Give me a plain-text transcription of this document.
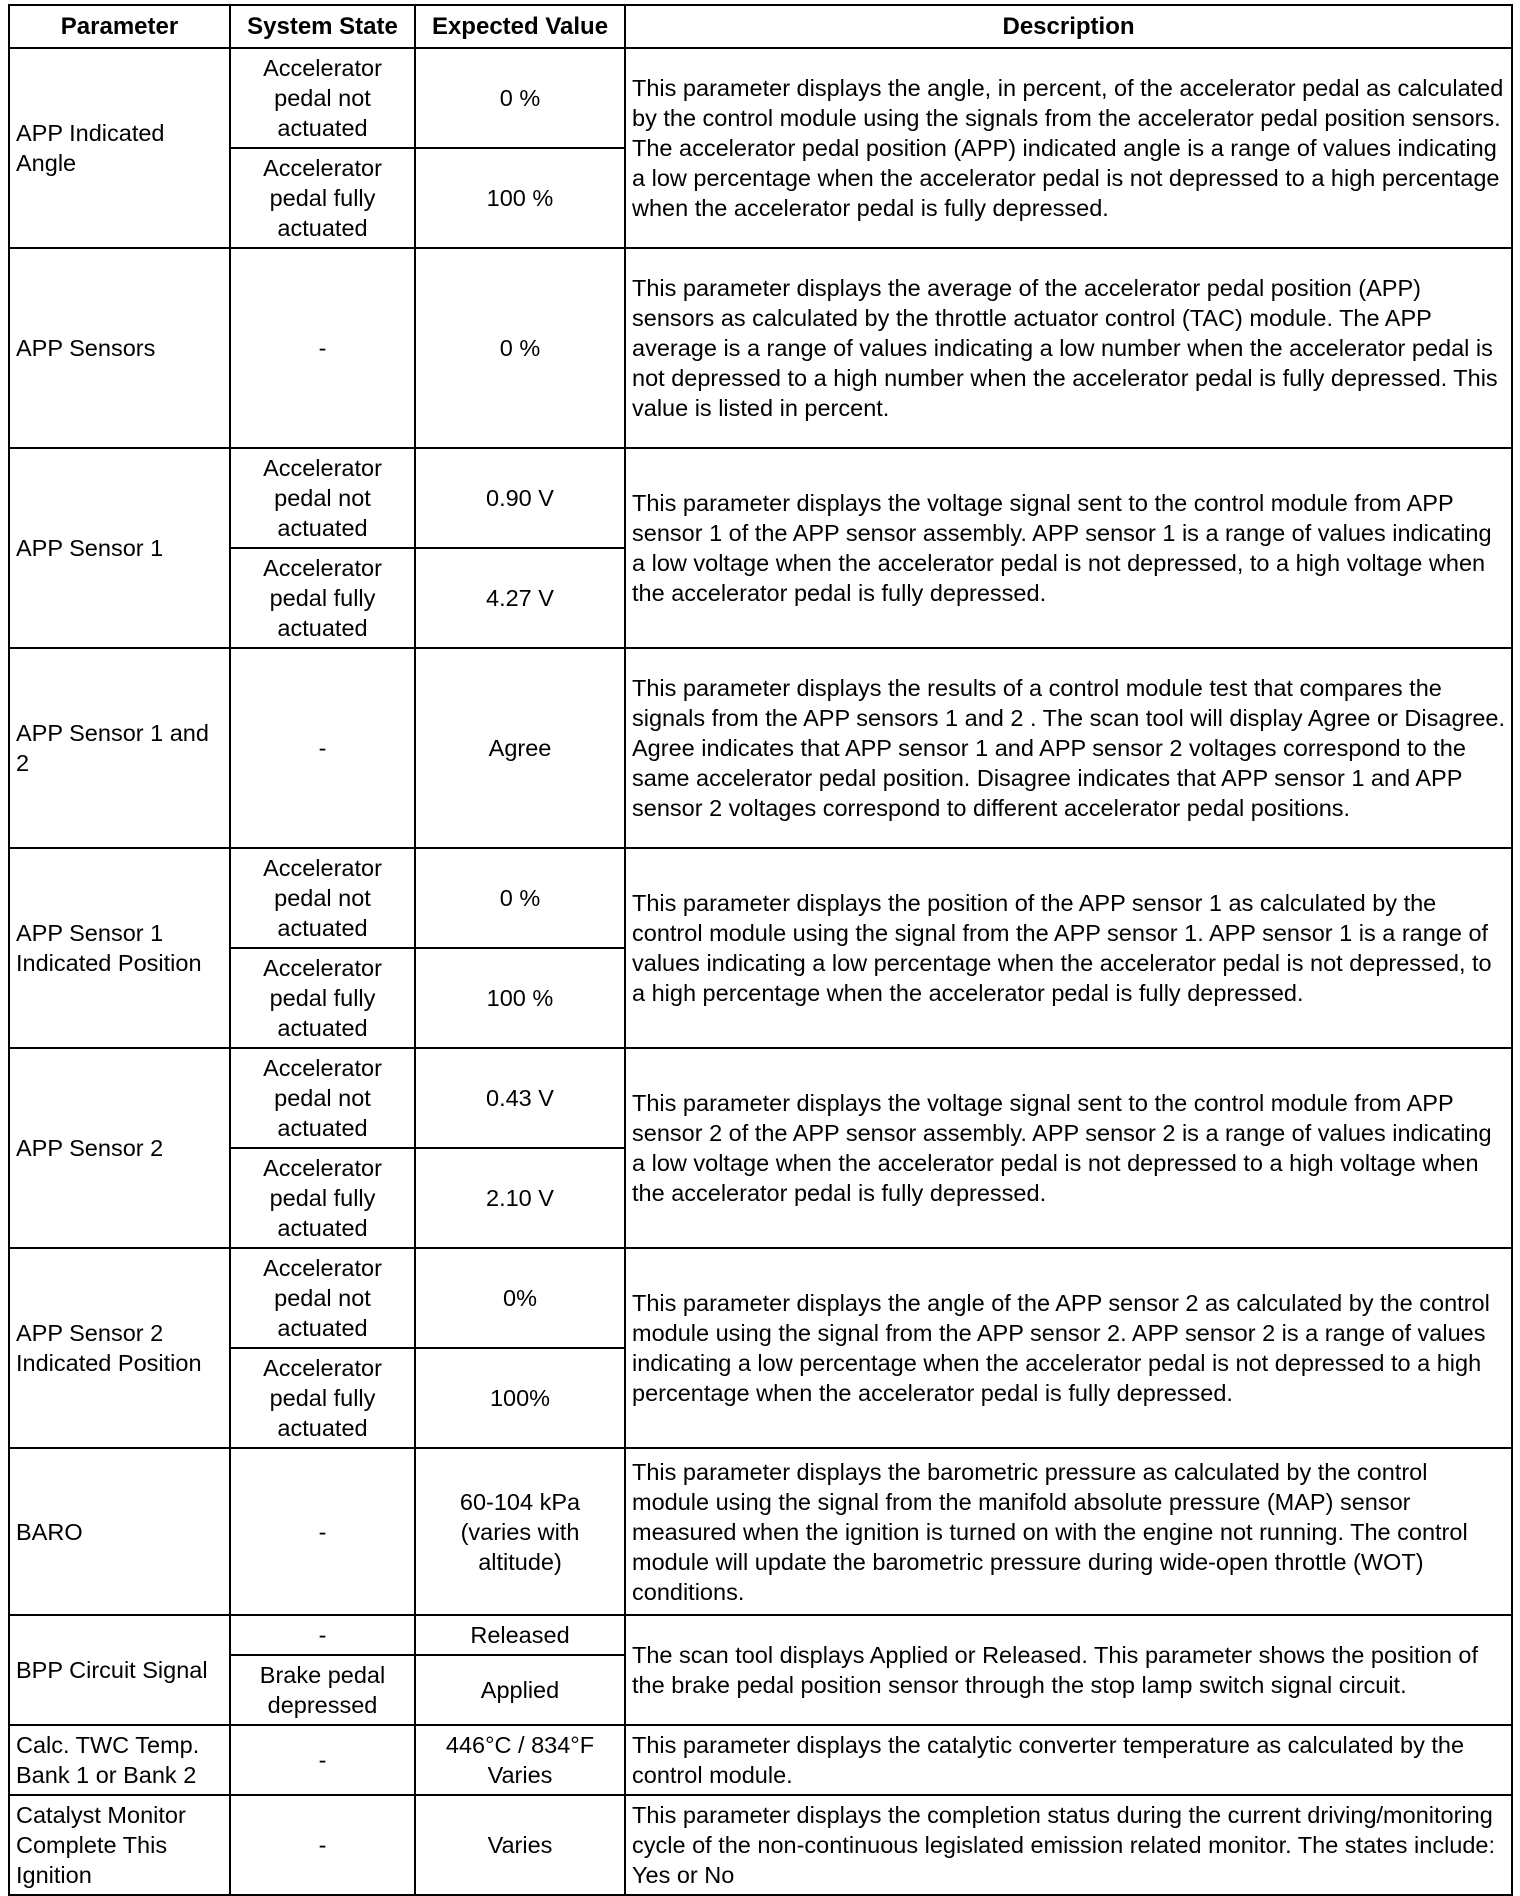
Parameter	System State	Expected Value	Description
APP Indicated Angle	Accelerator pedal not actuated	0 %	This parameter displays the angle, in percent, of the accelerator pedal as calculated by the control module using the signals from the accelerator pedal position sensors. The accelerator pedal position (APP) indicated angle is a range of values indicating a low percentage when the accelerator pedal is not depressed to a high percentage when the accelerator pedal is fully depressed.
	Accelerator pedal fully actuated	100 %	
APP Sensors	-	0 %	This parameter displays the average of the accelerator pedal position (APP) sensors as calculated by the throttle actuator control (TAC) module. The APP average is a range of values indicating a low number when the accelerator pedal is not depressed to a high number when the accelerator pedal is fully depressed. This value is listed in percent.
APP Sensor 1	Accelerator pedal not actuated	0.90 V	This parameter displays the voltage signal sent to the control module from APP sensor 1 of the APP sensor assembly. APP sensor 1 is a range of values indicating a low voltage when the accelerator pedal is not depressed, to a high voltage when the accelerator pedal is fully depressed.
	Accelerator pedal fully actuated	4.27 V	
APP Sensor 1 and 2	-	Agree	This parameter displays the results of a control module test that compares the signals from the APP sensors 1 and 2 . The scan tool will display Agree or Disagree. Agree indicates that APP sensor 1 and APP sensor 2 voltages correspond to the same accelerator pedal position. Disagree indicates that APP sensor 1 and APP sensor 2 voltages correspond to different accelerator pedal positions.
APP Sensor 1 Indicated Position	Accelerator pedal not actuated	0 %	This parameter displays the position of the APP sensor 1 as calculated by the control module using the signal from the APP sensor 1. APP sensor 1 is a range of values indicating a low percentage when the accelerator pedal is not depressed, to a high percentage when the accelerator pedal is fully depressed.
	Accelerator pedal fully actuated	100 %	
APP Sensor 2	Accelerator pedal not actuated	0.43 V	This parameter displays the voltage signal sent to the control module from APP sensor 2 of the APP sensor assembly. APP sensor 2 is a range of values indicating a low voltage when the accelerator pedal is not depressed to a high voltage when the accelerator pedal is fully depressed.
	Accelerator pedal fully actuated	2.10 V	
APP Sensor 2 Indicated Position	Accelerator pedal not actuated	0%	This parameter displays the angle of the APP sensor 2 as calculated by the control module using the signal from the APP sensor 2. APP sensor 2 is a range of values indicating a low percentage when the accelerator pedal is not depressed to a high percentage when the accelerator pedal is fully depressed.
	Accelerator pedal fully actuated	100%	
BARO	-	60-104 kPa (varies with altitude)	This parameter displays the barometric pressure as calculated by the control module using the signal from the manifold absolute pressure (MAP) sensor measured when the ignition is turned on with the engine not running. The control module will update the barometric pressure during wide-open throttle (WOT) conditions.
BPP Circuit Signal	-	Released	The scan tool displays Applied or Released. This parameter shows the position of the brake pedal position sensor through the stop lamp switch signal circuit.
	Brake pedal depressed	Applied	
Calc. TWC Temp. Bank 1 or Bank 2	-	446°C / 834°F Varies	This parameter displays the catalytic converter temperature as calculated by the control module.
Catalyst Monitor Complete This Ignition	-	Varies	This parameter displays the completion status during the current driving/monitoring cycle of the non-continuous legislated emission related monitor. The states include: Yes or No
